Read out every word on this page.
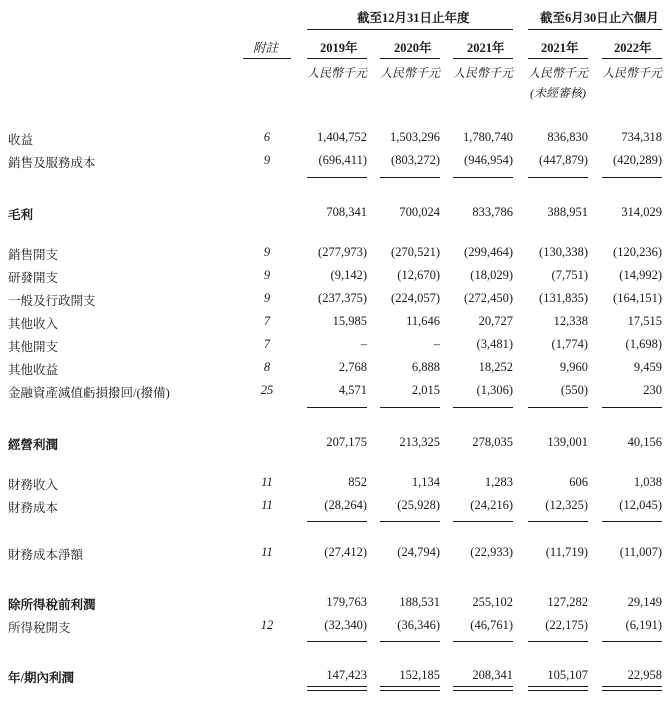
截至12月31日止年度	截至6月30日止六個月
附註	2019年	2020年	2021年	2021年	2022年
人民幣千元 人民幣千元 人民幣千元 人民幣千元 人民幣千元
(未經審核)
收益	6	1,404,752 1,503,296 1,780,740	836,830	734,318
銷售及服務成本	9	(696,411) (803,272) (946,954) (447,879) (420,289)
毛利	708,341	700,024	833,786	388,951	314,029
銷售開支	9	(277,973) (270,521) (299,464) (130,338) (120,236)
研發開支	9	(9,142) (12,670) (18,029)	(7,751)	(14,992)
一般及行政開支	9	(237,375) (224,057) (272,450) (131,835) (164,151)
其他收入	7	15,985	11,646	20,727	12,338	17,515
其他開支	7	–	–	(3,481)	(1,774)	(1,698)
其他收益	8	2,768	6,888	18,252	9,960	9,459
金融資產減值虧損撥回/(撥備)	25	4,571	2,015	(1,306)	(550)	230
經營利潤	207,175	213,325	278,035	139,001	40,156
財務收入	11	852	1,134	1,283	606	1,038
財務成本	11	(28,264) (25,928) (24,216)	(12,325)	(12,045)
財務成本淨額	11	(27,412) (24,794) (22,933)	(11,719)	(11,007)
除所得稅前利潤	179,763	188,531	255,102	127,282	29,149
所得稅開支	12	(32,340) (36,346) (46,761)	(22,175)	(6,191)
年/期內利潤	147,423	152,185	208,341	105,107	22,958
